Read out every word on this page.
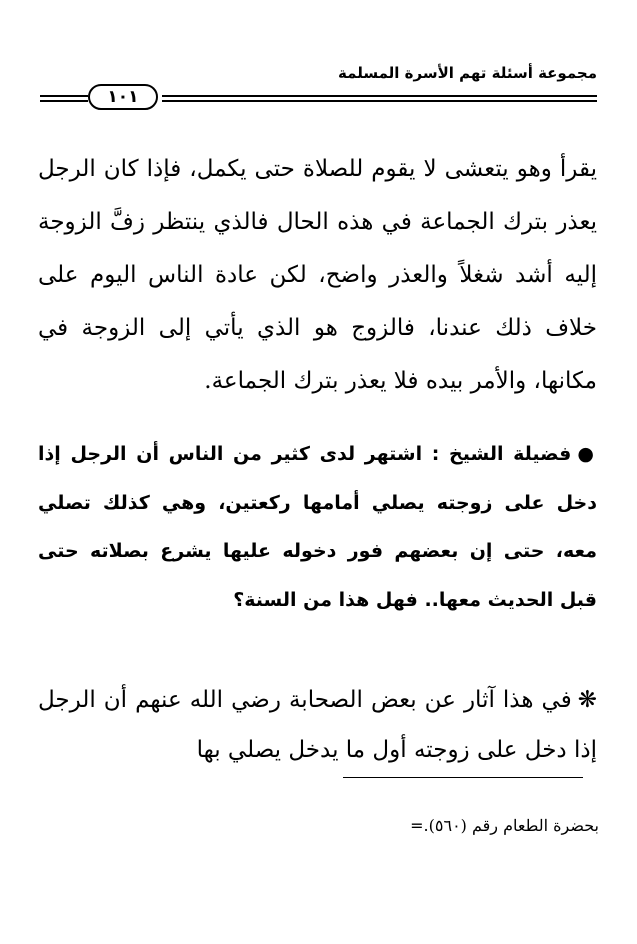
مجموعة أسئلة تهم الأسرة المسلمة
١٠١
يقرأ وهو يتعشى لا يقوم للصلاة حتى يكمل، فإذا كان الرجل يعذر بترك الجماعة في هذه الحال فالذي ينتظر زفَّ الزوجة إليه أشد شغلاً والعذر واضح، لكن عادة الناس اليوم على خلاف ذلك عندنا، فالزوج هو الذي يأتي إلى الزوجة في مكانها، والأمر بيده فلا يعذر بترك الجماعة.
●فضيلة الشيخ : اشتهر لدى كثير من الناس أن الرجل إذا دخل على زوجته يصلي أمامها ركعتين، وهي كذلك تصلي معه، حتى إن بعضهم فور دخوله عليها يشرع بصلاته حتى قبل الحديث معها.. فهل هذا من السنة؟
❋في هذا آثار عن بعض الصحابة رضي الله عنهم أن الرجل إذا دخل على زوجته أول ما يدخل يصلي بها
بحضرة الطعام رقم (٥٦٠).=
